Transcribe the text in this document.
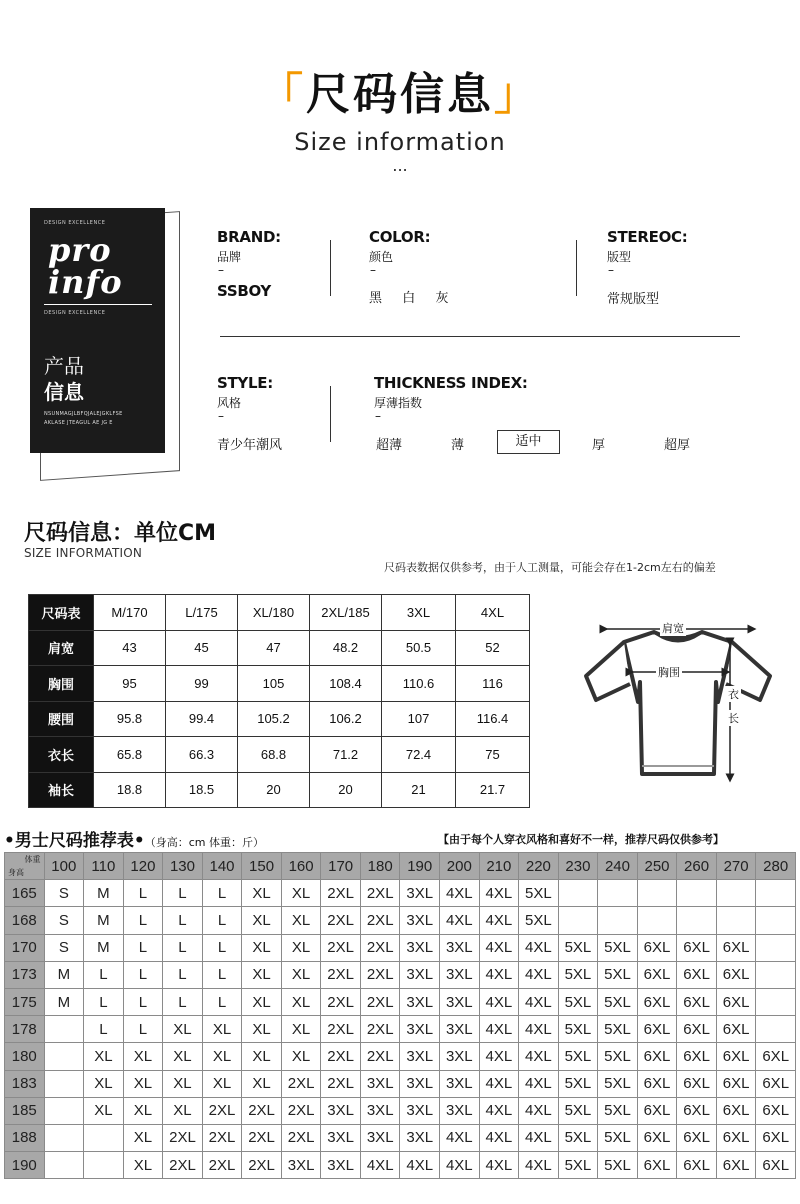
「尺码信息」
Size information
...
DESIGN EXCELLENCE
pro
info
DESIGN EXCELLENCE
产品
信息
NSUNMAGJLBFQJALEJGKLFSE
AKLASE JTEAGUL AE JG E
BRAND:
品牌
–
SSBOY
COLOR:
颜色
–
黑  白  灰
STEREOC:
版型
–
常规版型
STYLE:
风格
–
青少年潮风
THICKNESS INDEX:
厚薄指数
–
超薄	薄	适中	厚	超厚
尺码信息：单位CM
SIZE INFORMATION
尺码表数据仅供参考，由于人工测量，可能会存在1-2cm左右的偏差
尺码表	M/170	L/175	XL/180	2XL/185	3XL	4XL
肩宽	43	45	47	48.2	50.5	52
胸围	95	99	105	108.4	110.6	116
腰围	95.8	99.4	105.2	106.2	107	116.4
衣长	65.8	66.3	68.8	71.2	72.4	75
袖长	18.8	18.5	20	20	21	21.7
肩宽
胸围
衣
长
•男士尺码推荐表•（身高：cm 体重：斤）	【由于每个人穿衣风格和喜好不一样，推荐尺码仅供参考】
体重
身高	100	110	120	130	140	150	160	170	180	190	200	210	220	230	240	250	260	270	280
165	S	M	L	L	L	XL	XL	2XL	2XL	3XL	4XL	4XL	5XL						
168	S	M	L	L	L	XL	XL	2XL	2XL	3XL	4XL	4XL	5XL						
170	S	M	L	L	L	XL	XL	2XL	2XL	3XL	3XL	4XL	4XL	5XL	5XL	6XL	6XL	6XL	
173	M	L	L	L	L	XL	XL	2XL	2XL	3XL	3XL	4XL	4XL	5XL	5XL	6XL	6XL	6XL	
175	M	L	L	L	L	XL	XL	2XL	2XL	3XL	3XL	4XL	4XL	5XL	5XL	6XL	6XL	6XL	
178		L	L	XL	XL	XL	XL	2XL	2XL	3XL	3XL	4XL	4XL	5XL	5XL	6XL	6XL	6XL	
180		XL	XL	XL	XL	XL	XL	2XL	2XL	3XL	3XL	4XL	4XL	5XL	5XL	6XL	6XL	6XL	6XL
183		XL	XL	XL	XL	XL	2XL	2XL	3XL	3XL	3XL	4XL	4XL	5XL	5XL	6XL	6XL	6XL	6XL
185		XL	XL	XL	2XL	2XL	2XL	3XL	3XL	3XL	3XL	4XL	4XL	5XL	5XL	6XL	6XL	6XL	6XL
188			XL	2XL	2XL	2XL	2XL	3XL	3XL	3XL	4XL	4XL	4XL	5XL	5XL	6XL	6XL	6XL	6XL
190			XL	2XL	2XL	2XL	3XL	3XL	4XL	4XL	4XL	4XL	4XL	5XL	5XL	6XL	6XL	6XL	6XL
